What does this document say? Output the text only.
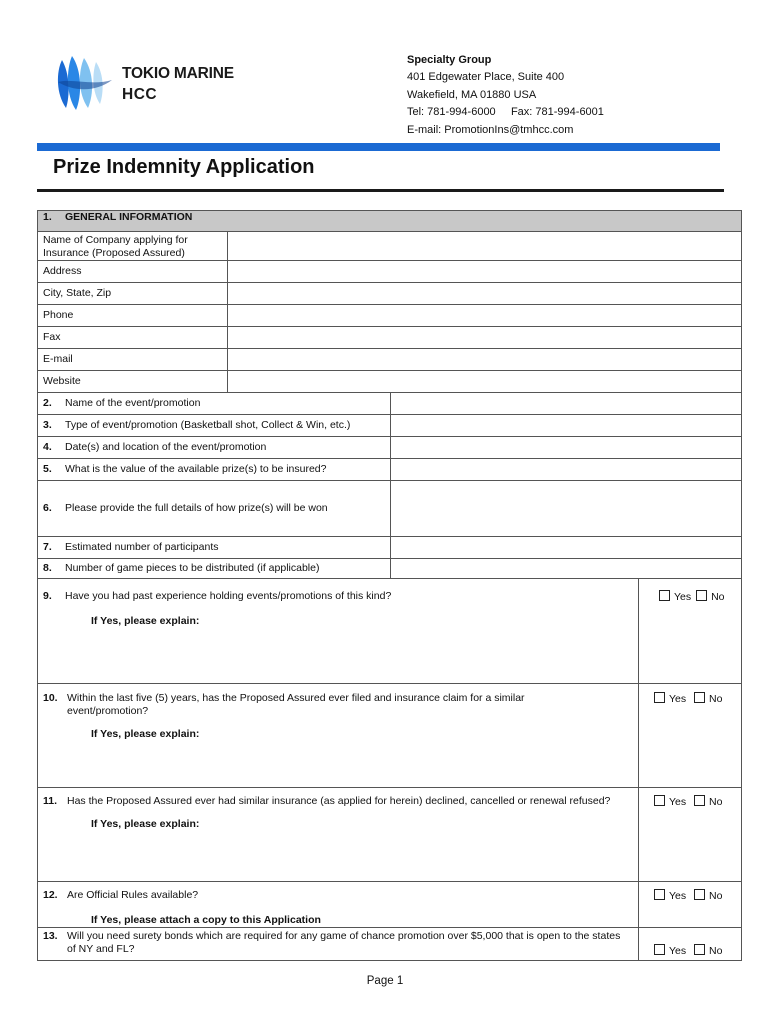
TOKIO MARINE
HCC
Specialty Group
401 Edgewater Place, Suite 400
Wakefield, MA 01880 USA
Tel: 781-994-6000     Fax: 781-994-6001
E-mail: PromotionIns@tmhcc.com
Prize Indemnity Application
1. GENERAL INFORMATION			
Name of Company applying for Insurance (Proposed Assured)			
Address			
City, State, Zip			
Phone			
Fax			
E-mail			
Website			
2. Name of the event/promotion			
3. Type of event/promotion (Basketball shot, Collect & Win, etc.)			
4. Date(s) and location of the event/promotion			
5. What is the value of the available prize(s) to be insured?			
6. Please provide the full details of how prize(s) will be won			
7. Estimated number of participants			
8. Number of game pieces to be distributed (if applicable)			
9. Have you had past experience holding events/promotions of this kind?
If Yes, please explain:			Yes No

10. Within the last five (5) years, has the Proposed Assured ever filed and insurance claim for a similar event/promotion?
If Yes, please explain:			Yes No

11. Has the Proposed Assured ever had similar insurance (as applied for herein) declined, cancelled or renewal refused?
If Yes, please explain:			Yes No
12. Are Official Rules available?
If Yes, please attach a copy to this Application			Yes No

13. Will you need surety bonds which are required for any game of chance promotion over $5,000 that is open to the states of NY and FL?			Yes No
Page 1
